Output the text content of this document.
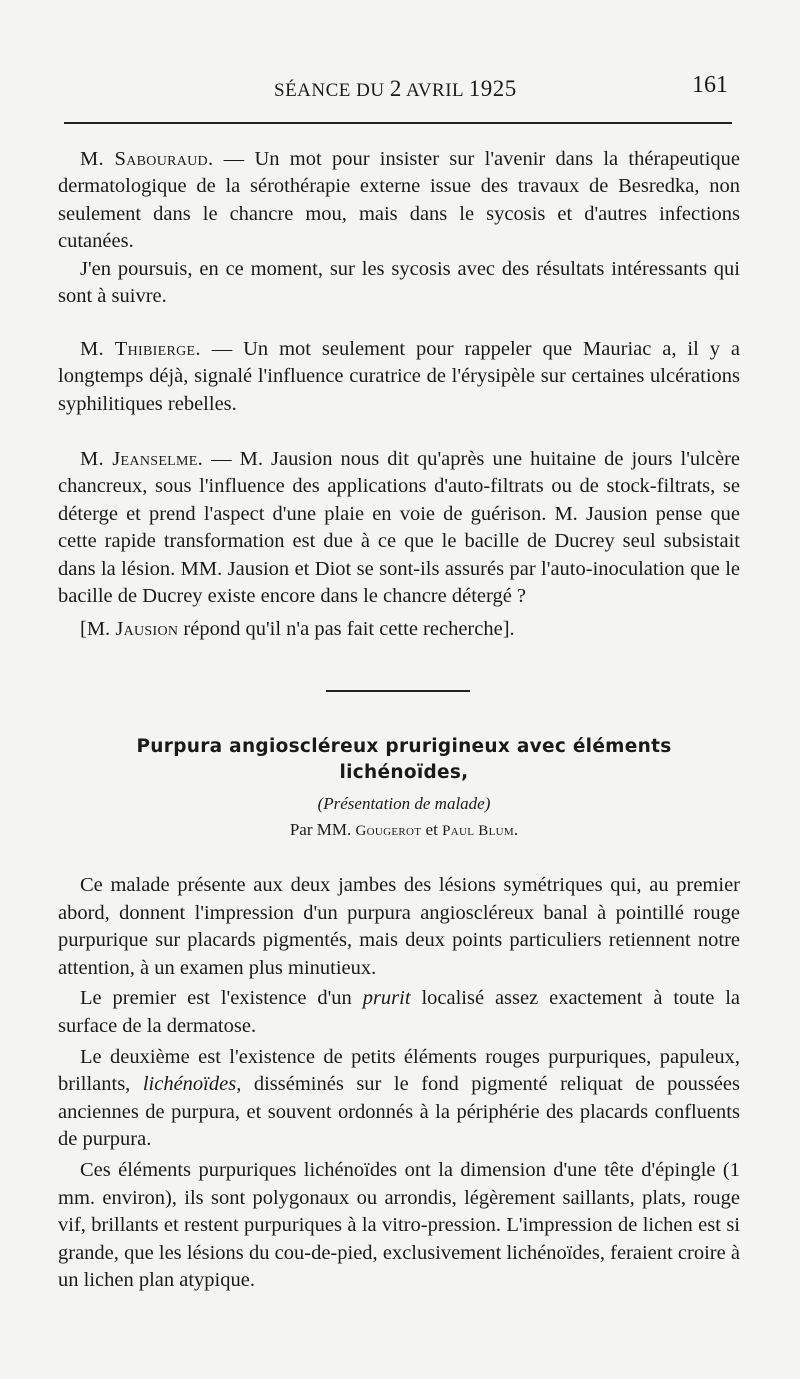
SÉANCE DU 2 AVRIL 1925	161

M. Sabouraud. — Un mot pour insister sur l'avenir dans la thérapeutique dermatologique de la sérothérapie externe issue des travaux de Besredka, non seulement dans le chancre mou, mais dans le sycosis et d'autres infections cutanées.

J'en poursuis, en ce moment, sur les sycosis avec des résultats intéressants qui sont à suivre.

M. Thibierge. — Un mot seulement pour rappeler que Mauriac a, il y a longtemps déjà, signalé l'influence curatrice de l'érysipèle sur certaines ulcérations syphilitiques rebelles.

M. Jeanselme. — M. Jausion nous dit qu'après une huitaine de jours l'ulcère chancreux, sous l'influence des applications d'auto-filtrats ou de stock-filtrats, se déterge et prend l'aspect d'une plaie en voie de guérison. M. Jausion pense que cette rapide transformation est due à ce que le bacille de Ducrey seul subsistait dans la lésion. MM. Jausion et Diot se sont-ils assurés par l'auto-inoculation que le bacille de Ducrey existe encore dans le chancre détergé ?

[M. Jausion répond qu'il n'a pas fait cette recherche].

Purpura angioscléreux prurigineux avec éléments
lichénoïdes,
(Présentation de malade)
Par MM. Gougerot et Paul Blum.

Ce malade présente aux deux jambes des lésions symétriques qui, au premier abord, donnent l'impression d'un purpura angioscléreux banal à pointillé rouge purpurique sur placards pigmentés, mais deux points particuliers retiennent notre attention, à un examen plus minutieux.

Le premier est l'existence d'un prurit localisé assez exactement à toute la surface de la dermatose.

Le deuxième est l'existence de petits éléments rouges purpuriques, papuleux, brillants, lichénoïdes, disséminés sur le fond pigmenté reliquat de poussées anciennes de purpura, et souvent ordonnés à la périphérie des placards confluents de purpura.

Ces éléments purpuriques lichénoïdes ont la dimension d'une tête d'épingle (1 mm. environ), ils sont polygonaux ou arrondis, légèrement saillants, plats, rouge vif, brillants et restent purpuriques à la vitro-pression. L'impression de lichen est si grande, que les lésions du cou-de-pied, exclusivement lichénoïdes, feraient croire à un lichen plan atypique.
